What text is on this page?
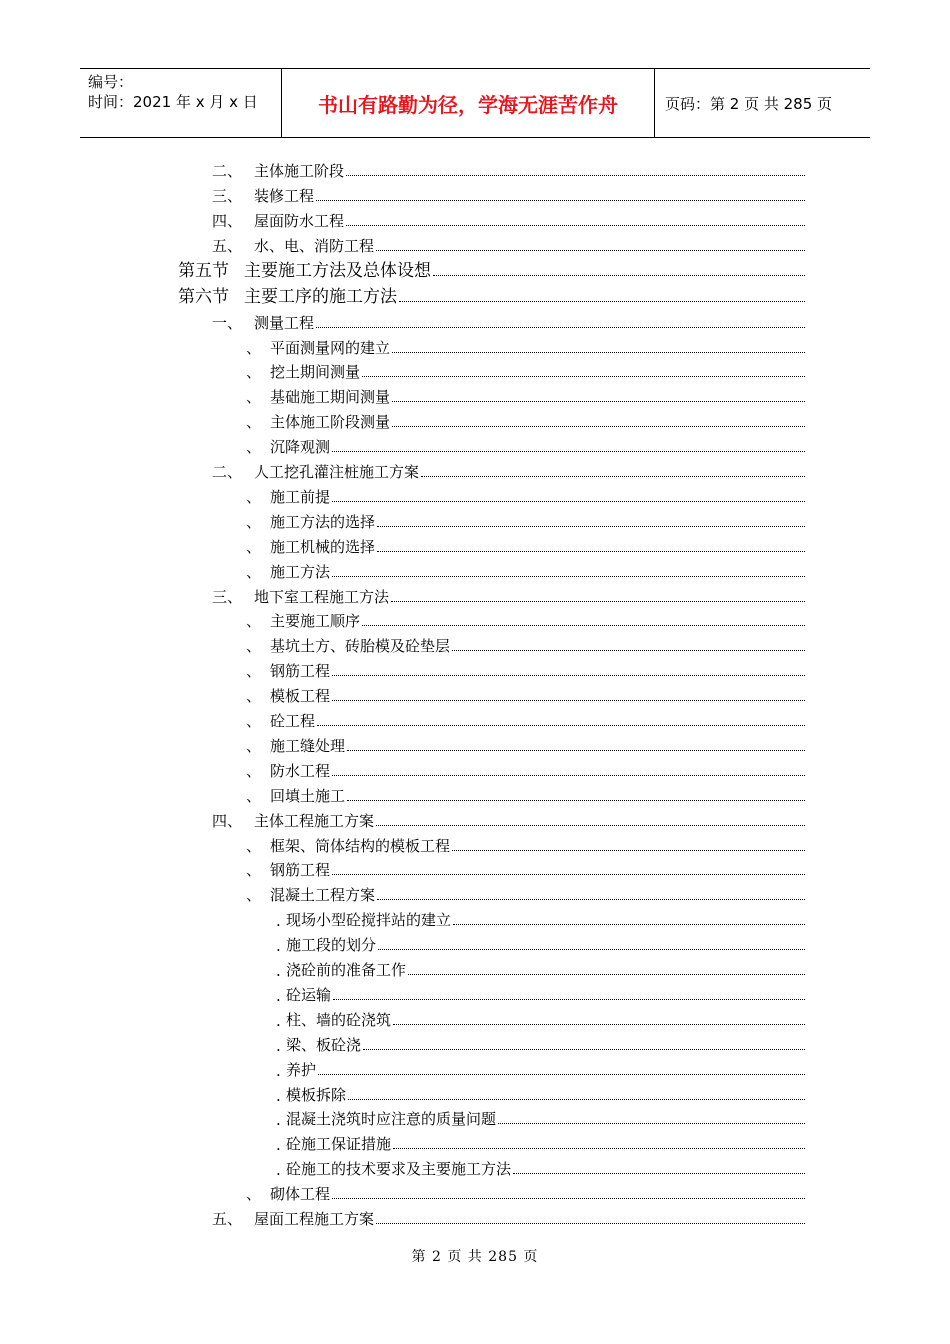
编号：
时间：2021 年 x 月 x 日	书山有路勤为径，学海无涯苦作舟	页码：第 2 页 共 285 页
二、 主体施工阶段
三、 装修工程
四、 屋面防水工程
五、 水、电、消防工程
第五节 主要施工方法及总体设想
第六节 主要工序的施工方法
一、 测量工程
、 平面测量网的建立
、 挖土期间测量
、 基础施工期间测量
、 主体施工阶段测量
、 沉降观测
二、 人工挖孔灌注桩施工方案
、 施工前提
、 施工方法的选择
、 施工机械的选择
、 施工方法
三、 地下室工程施工方法
、 主要施工顺序
、 基坑土方、砖胎模及砼垫层
、 钢筋工程
、 模板工程
、 砼工程
、 施工缝处理
、 防水工程
、 回填土施工
四、 主体工程施工方案
、 框架、筒体结构的模板工程
、 钢筋工程
、 混凝土工程方案
. 现场小型砼搅拌站的建立
. 施工段的划分
. 浇砼前的准备工作
. 砼运输
. 柱、墙的砼浇筑
. 梁、板砼浇
. 养护
. 模板拆除
. 混凝土浇筑时应注意的质量问题
. 砼施工保证措施
. 砼施工的技术要求及主要施工方法
、 砌体工程
五、 屋面工程施工方案
第 2 页 共 285 页
